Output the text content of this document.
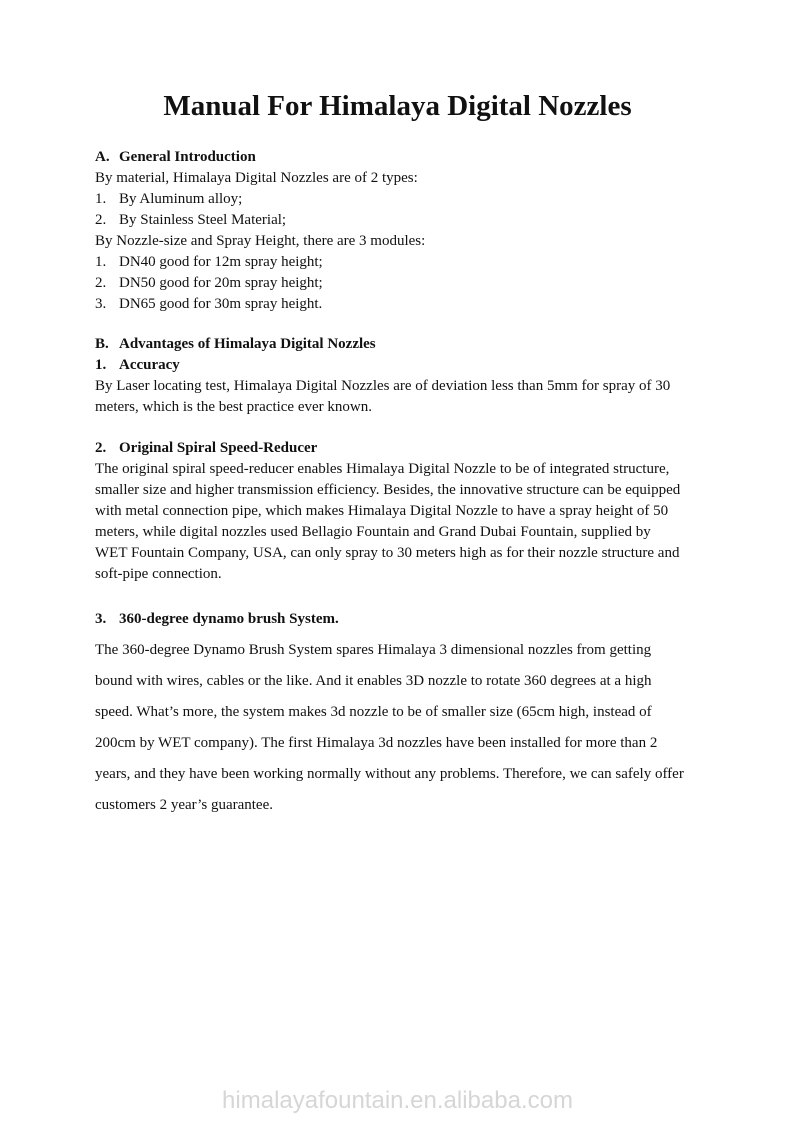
Manual For Himalaya Digital Nozzles
A. General Introduction
By material, Himalaya Digital Nozzles are of 2 types:
1. By Aluminum alloy;
2. By Stainless Steel Material;
By Nozzle-size and Spray Height, there are 3 modules:
1. DN40 good for 12m spray height;
2. DN50 good for 20m spray height;
3. DN65 good for 30m spray height.
B. Advantages of Himalaya Digital Nozzles
1. Accuracy
By Laser locating test, Himalaya Digital Nozzles are of deviation less than 5mm for spray of 30
meters, which is the best practice ever known.
2. Original Spiral Speed-Reducer
The original spiral speed-reducer enables Himalaya Digital Nozzle to be of integrated structure,
smaller size and higher transmission efficiency. Besides, the innovative structure can be equipped
with metal connection pipe, which makes Himalaya Digital Nozzle to have a spray height of 50
meters, while digital nozzles used Bellagio Fountain and Grand Dubai Fountain, supplied by
WET Fountain Company, USA, can only spray to 30 meters high as for their nozzle structure and
soft-pipe connection.
3. 360-degree dynamo brush System.
The 360-degree Dynamo Brush System spares Himalaya 3 dimensional nozzles from getting
bound with wires, cables or the like. And it enables 3D nozzle to rotate 360 degrees at a high
speed. What’s more, the system makes 3d nozzle to be of smaller size (65cm high, instead of
200cm by WET company). The first Himalaya 3d nozzles have been installed for more than 2
years, and they have been working normally without any problems. Therefore, we can safely offer
customers 2 year’s guarantee.
himalayafountain.en.alibaba.com
